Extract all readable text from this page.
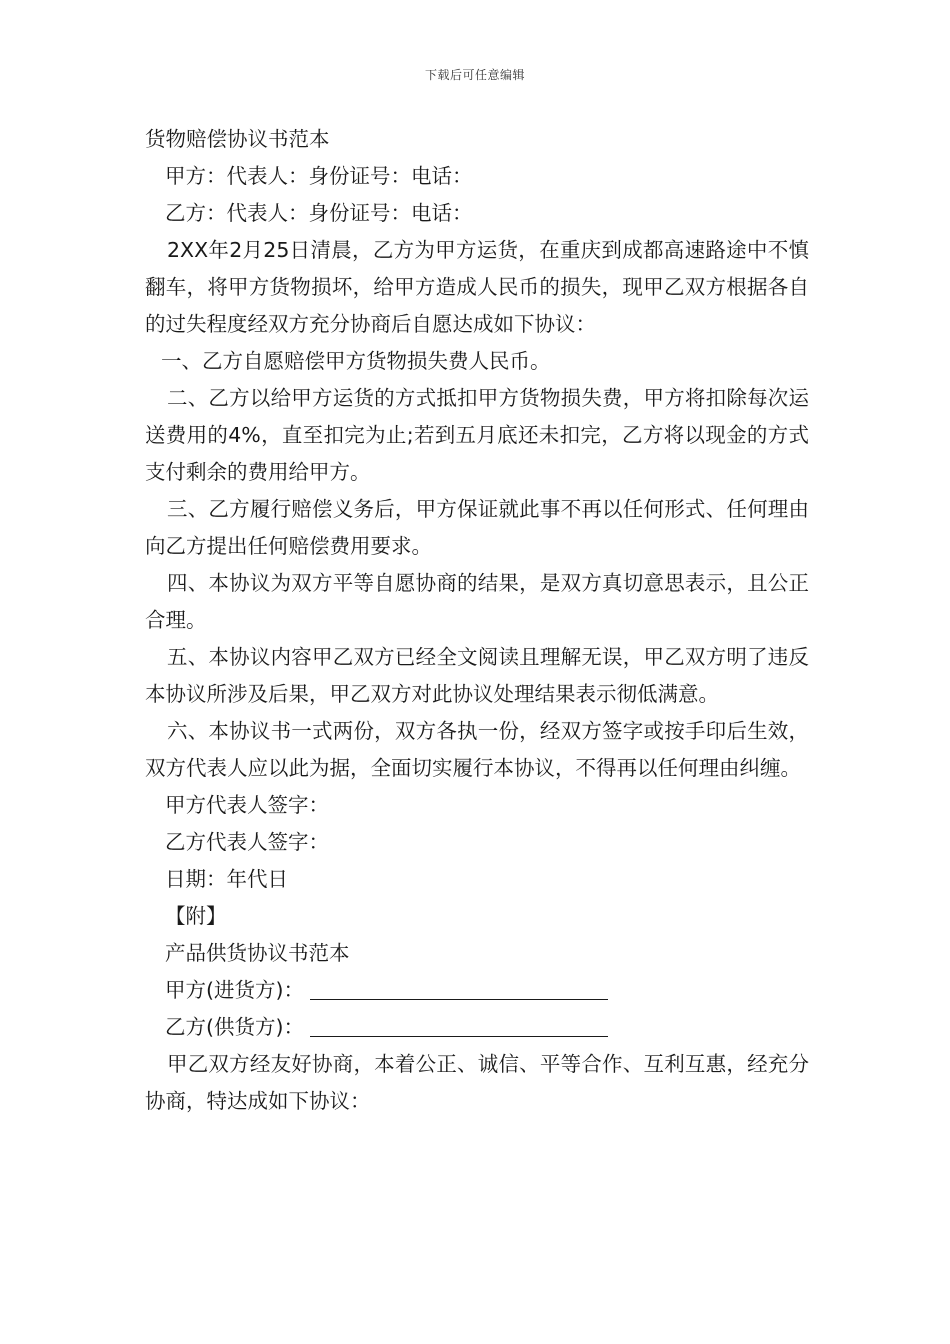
下载后可任意编辑
货物赔偿协议书范本
甲方：代表人：身份证号：电话：
乙方：代表人：身份证号：电话：
2XX年2月25日清晨，乙方为甲方运货，在重庆到成都高速路途中不慎翻车，将甲方货物损坏，给甲方造成人民币的损失，现甲乙双方根据各自的过失程度经双方充分协商后自愿达成如下协议：
一、乙方自愿赔偿甲方货物损失费人民币。
二、乙方以给甲方运货的方式抵扣甲方货物损失费，甲方将扣除每次运送费用的4%，直至扣完为止;若到五月底还未扣完，乙方将以现金的方式支付剩余的费用给甲方。
三、乙方履行赔偿义务后，甲方保证就此事不再以任何形式、任何理由向乙方提出任何赔偿费用要求。
四、本协议为双方平等自愿协商的结果，是双方真切意思表示，且公正合理。
五、本协议内容甲乙双方已经全文阅读且理解无误，甲乙双方明了违反本协议所涉及后果，甲乙双方对此协议处理结果表示彻低满意。
六、本协议书一式两份，双方各执一份，经双方签字或按手印后生效，双方代表人应以此为据，全面切实履行本协议，不得再以任何理由纠缠。
甲方代表人签字：
乙方代表人签字：
日期：年代日
【附】
产品供货协议书范本
甲方(进货方)：
乙方(供货方)：
甲乙双方经友好协商，本着公正、诚信、平等合作、互利互惠，经充分协商，特达成如下协议：
